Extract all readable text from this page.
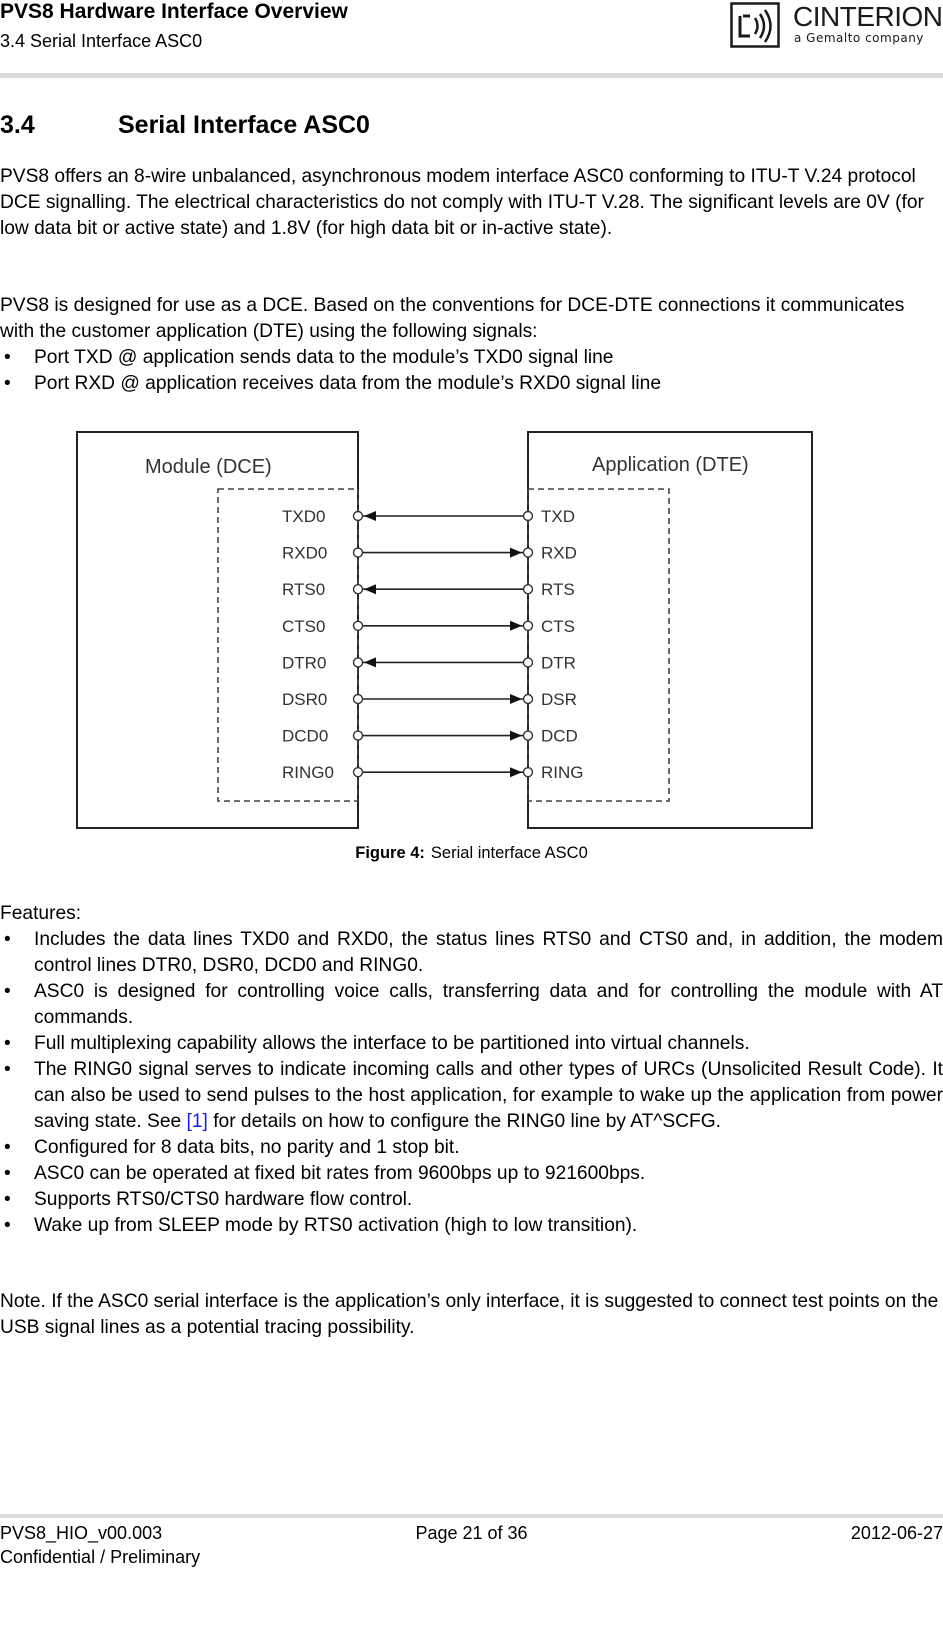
PVS8 Hardware Interface Overview
3.4 Serial Interface ASC0
CINTERION
a Gemalto company
3.4	Serial Interface ASC0

PVS8 offers an 8-wire unbalanced, asynchronous modem interface ASC0 conforming to ITU-T V.24 protocol DCE signalling. The electrical characteristics do not comply with ITU-T V.28. The significant levels are 0V (for low data bit or active state) and 1.8V (for high data bit or in-active state).

PVS8 is designed for use as a DCE. Based on the conventions for DCE-DTE connections it communicates with the customer application (DTE) using the following signals:

• Port TXD @ application sends data to the module’s TXD0 signal line
• Port RXD @ application receives data from the module’s RXD0 signal line
Module (DCE)	Application (DTE)
TXD0	TXD
RXD0	RXD
RTS0	RTS
CTS0	CTS
DTR0	DTR
DSR0	DSR
DCD0	DCD
RING0	RING
Figure 4: Serial interface ASC0

Features:

• Includes the data lines TXD0 and RXD0, the status lines RTS0 and CTS0 and, in addition, the modem control lines DTR0, DSR0, DCD0 and RING0.
• ASC0 is designed for controlling voice calls, transferring data and for controlling the module with AT commands.
• Full multiplexing capability allows the interface to be partitioned into virtual channels.
• The RING0 signal serves to indicate incoming calls and other types of URCs (Unsolicited Result Code). It can also be used to send pulses to the host application, for example to wake up the application from power saving state. See [1] for details on how to configure the RING0 line by AT^SCFG.
• Configured for 8 data bits, no parity and 1 stop bit.
• ASC0 can be operated at fixed bit rates from 9600bps up to 921600bps.
• Supports RTS0/CTS0 hardware flow control.
• Wake up from SLEEP mode by RTS0 activation (high to low transition).

Note. If the ASC0 serial interface is the application’s only interface, it is suggested to connect test points on the USB signal lines as a potential tracing possibility.

PVS8_HIO_v00.003	Page 21 of 36	2012-06-27
Confidential / Preliminary
